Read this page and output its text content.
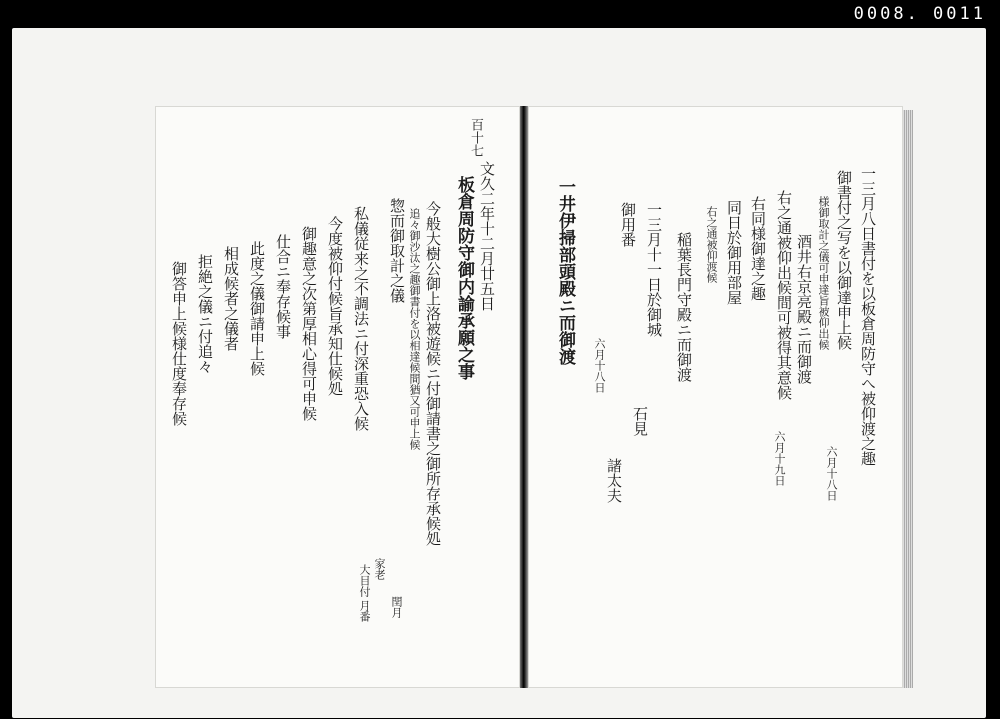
0008. 0011
百十七
文久二年十二月廿五日
板倉周防守御内諭承願之事
今般大樹公御上洛被遊候ニ付御請書之御所存承候処
追々御沙汰之趣御書付を以相達候間猶又可申上候
惣而御取計之儀
私儀従来之不調法ニ付深重恐入候
今度被仰付候旨承知仕候処
御趣意之次第厚相心得可申候
仕合ニ奉存候事
此度之儀御請申上候
相成候者之儀者
拒絶之儀ニ付追々
御答申上候様仕度奉存候
家老
大目付
閏月
月番
一三月八日書付を以板倉周防守へ被仰渡之趣
御書付之写を以御達申上候
様御取計之儀可申達旨被仰出候
酒井右京亮殿ニ而御渡
右之通被仰出候間可被得其意候
右同様御達之趣
同日於御用部屋
右之通被仰渡候
稲葉長門守殿ニ而御渡
一三月十一日於御城
御用番
一井伊掃部頭殿ニ而御渡
六月十九日	六月十八日
六月十八日
石見
諸太夫
